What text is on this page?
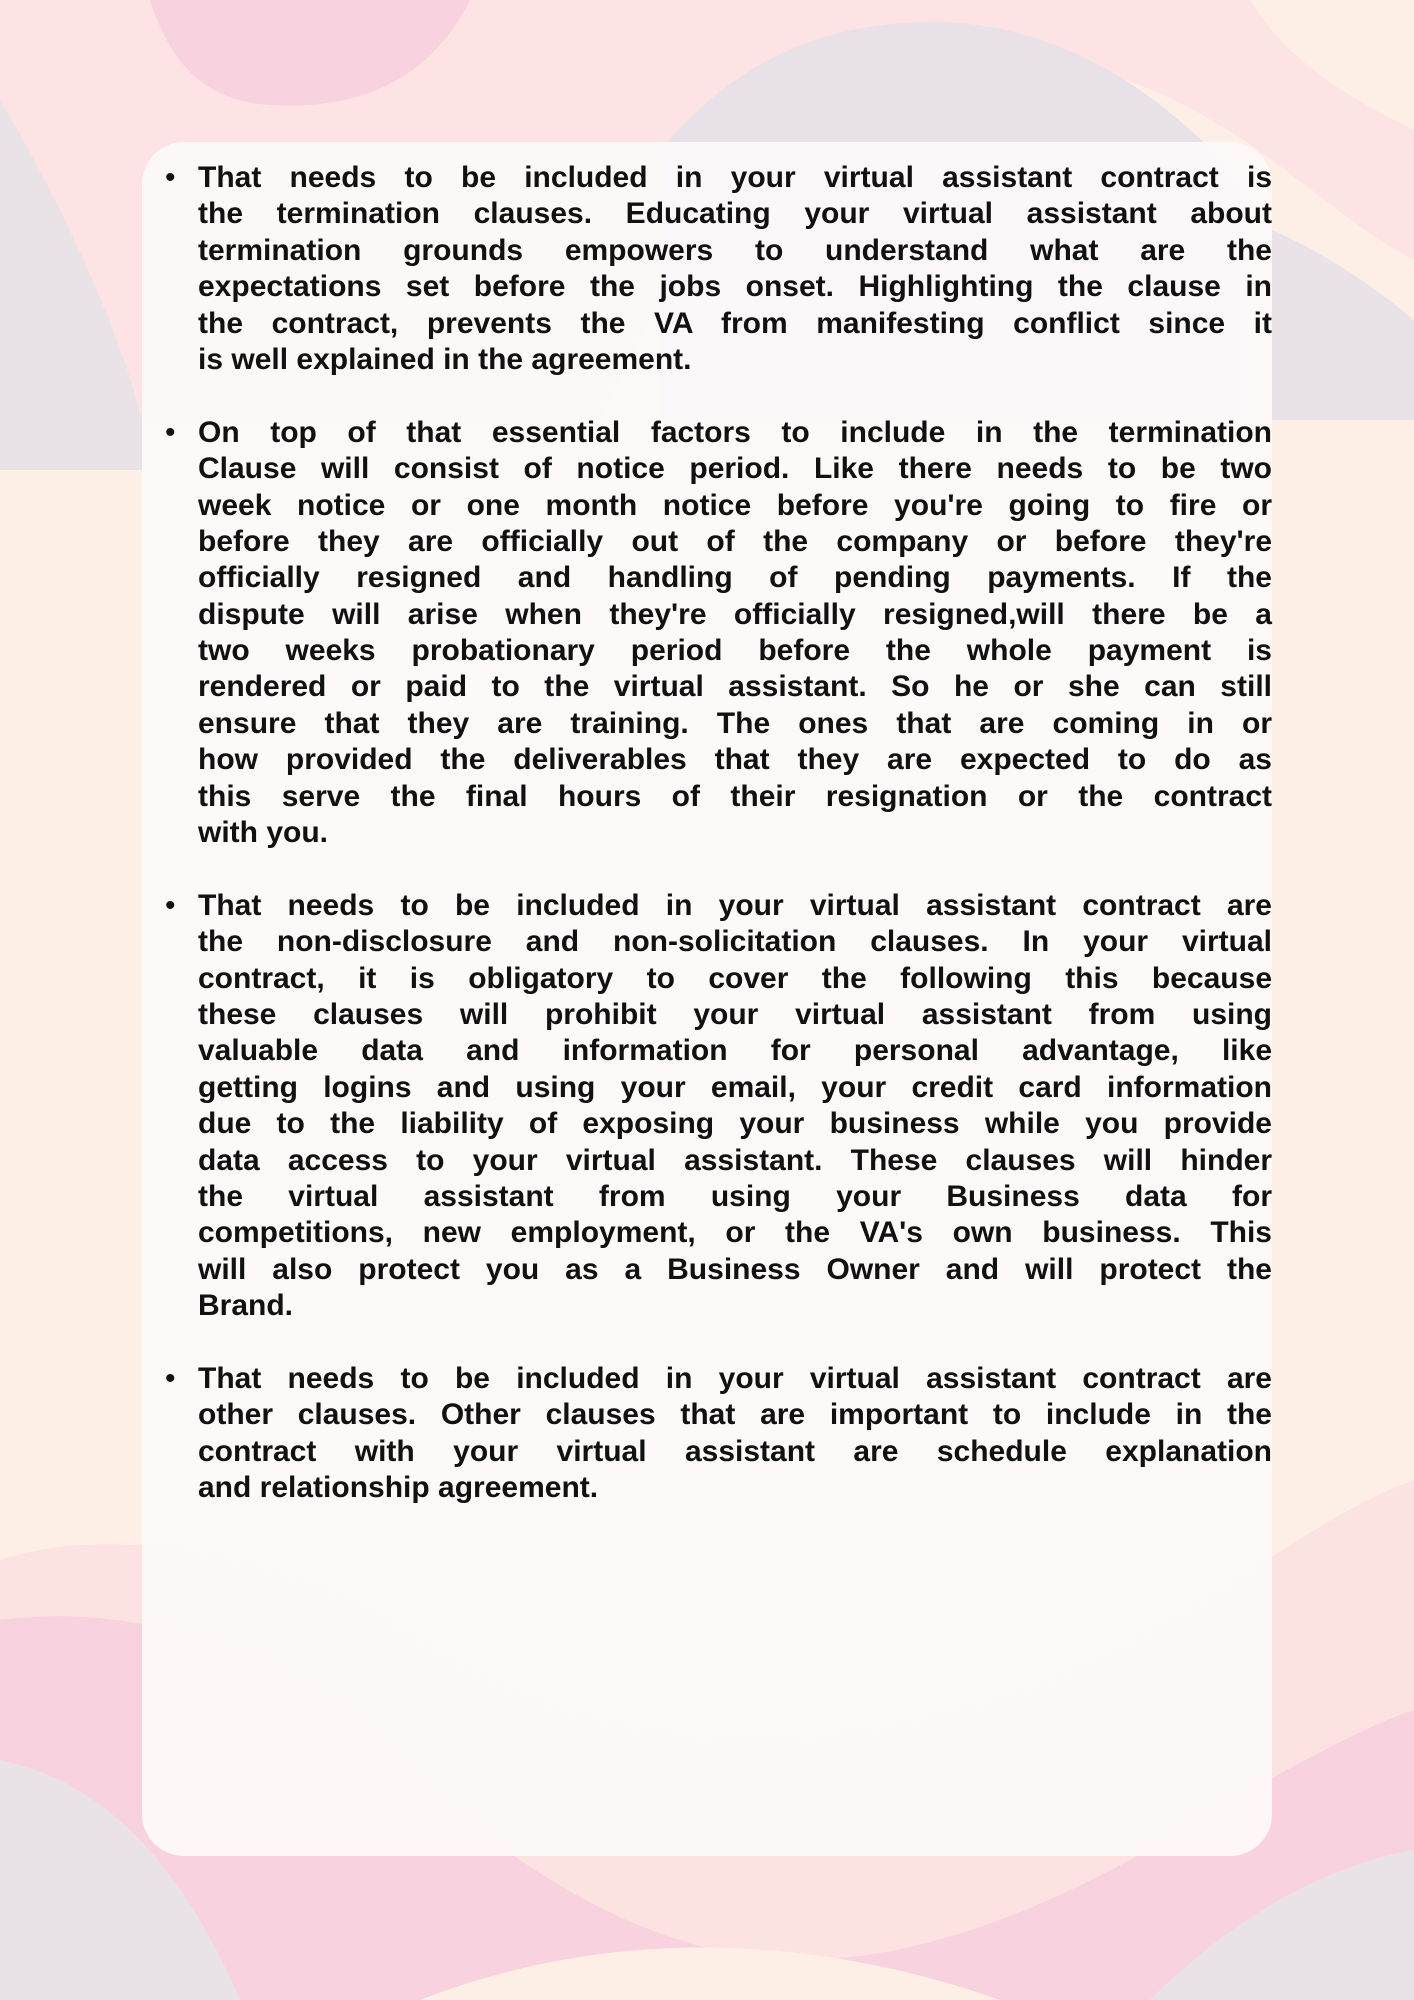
• That needs to be included in your virtual assistant contract is
the termination clauses. Educating your virtual assistant about
termination grounds empowers to understand what are the
expectations set before the jobs onset. Highlighting the clause in
the contract, prevents the VA from manifesting conflict since it
is well explained in the agreement.
• On top of that essential factors to include in the termination
Clause will consist of notice period. Like there needs to be two
week notice or one month notice before you're going to fire or
before they are officially out of the company or before they're
officially resigned and handling of pending payments. If the
dispute will arise when they're officially resigned,will there be a
two weeks probationary period before the whole payment is
rendered or paid to the virtual assistant. So he or she can still
ensure that they are training. The ones that are coming in or
how provided the deliverables that they are expected to do as
this serve the final hours of their resignation or the contract
with you.
• That needs to be included in your virtual assistant contract are
the non-disclosure and non-solicitation clauses. In your virtual
contract, it is obligatory to cover the following this because
these clauses will prohibit your virtual assistant from using
valuable data and information for personal advantage, like
getting logins and using your email, your credit card information
due to the liability of exposing your business while you provide
data access to your virtual assistant. These clauses will hinder
the virtual assistant from using your Business data for
competitions, new employment, or the VA's own business. This
will also protect you as a Business Owner and will protect the
Brand.
• That needs to be included in your virtual assistant contract are
other clauses. Other clauses that are important to include in the
contract with your virtual assistant are schedule explanation
and relationship agreement.
